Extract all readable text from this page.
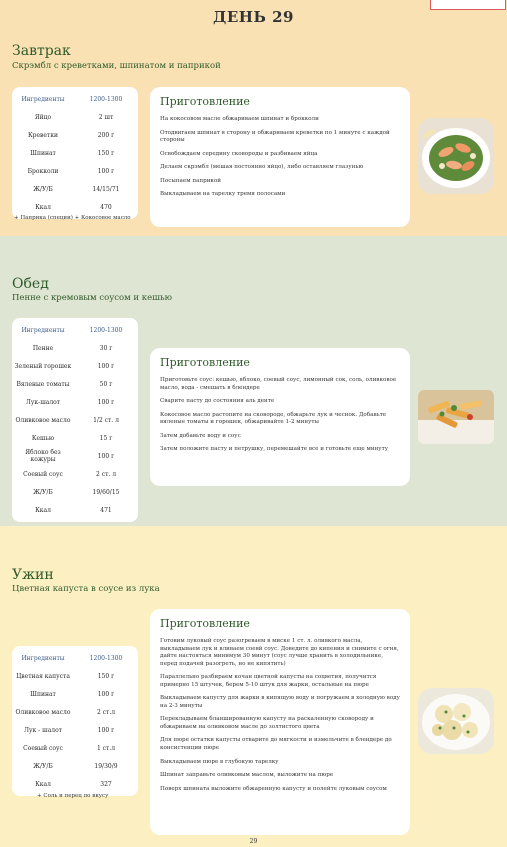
ДЕНЬ 29
Завтрак
Скрэмбл с креветками, шпинатом и паприкой
Ингредиенты	1200-1300
Яйцо	2 шт
Креветки	200 г
Шпинат	150 г
Брокколи	100 г
Ж/У/Б	14/15/71
Ккал	470
+ Паприка (специи) + Кокосовое масло
Приготовление
На кокосовом масле обжариваем шпинат и брокколи
Отодвигаем шпинат в сторону и обжариваем креветки по 1 минуте с каждой стороны
Освобождаем середину сковороды и разбиваем яйца
Делаем скрэмбл (мешая постоянно яйцо), либо оставляем глазунью
Посыпаем паприкой
Выкладываем на тарелку тремя полосами
Обед
Пенне с кремовым соусом и кешью
Ингредиенты	1200-1300
Пенне	30 г
Зеленый горошек	100 г
Вяленые томаты	50 г
Лук-шалот	100 г
Оливковое масло	1/2 ст. л
Кешью	15 г
Яблоко без кожуры	100 г
Соевый соус	2 ст. л
Ж/У/Б	19/60/15
Ккал	471
Приготовление
Приготовьте соус: кешью, яблоко, соевый соус, лимонный сок, соль, оливковое масло, вода - смешать в блендере
Сварите пасту до состояния аль денте
Кокосовое масло растопите на сковороде, обжарьте лук и чеснок. Добавьте вяленые томаты и горошек, обжаривайте 1-2 минуты
Затем добавьте воду и соус
Затем положите пасту и петрушку, перемешайте все и готовьте еще минуту
Ужин
Цветная капуста в соусе из лука
Приготовление
Готовим луковый соус разогреваем в миске 1 ст. л. оливкого масла, выкладываем лук и вливаем соевй соус. Доведите до кипения и снимите с огня, дайте настояться минимум 30 минут (соус лучше хранить в холодильнике, перед подачей разогреть, но не кипятить)
Параллельно разбираем кочан цветной капусты на соцветия, получится примерно 15 штучек, берем 5-10 штук для жарки, остальные на пюре
Выкладываем капусту для жарки в кипящую воду и погружаем в холодную воду на 2-3 минуты
Перекладываем бланшированную капусту на раскаленную сковороду и обжариваем на оливковом масле до золтистого цвета
Для пюре остатки капусты отварите до мягкости и измельчите в блендере до консистенции пюре
Выкладываем пюре в глубокую тарелку
Шпинат заправьте оливковым маслом, выложите на пюре
Поверх шпината выложите обжаренную капусту и полейте луковым соусом
Ингредиенты	1200-1300
Цветная капуста	150 г
Шпинат	100 г
Оливковое масло	2 ст.л
Лук - шалот	100 г
Соевый соус	1 ст.л
Ж/У/Б	19/30/9
Ккал	327
+ Соль и перец по вкусу
29
